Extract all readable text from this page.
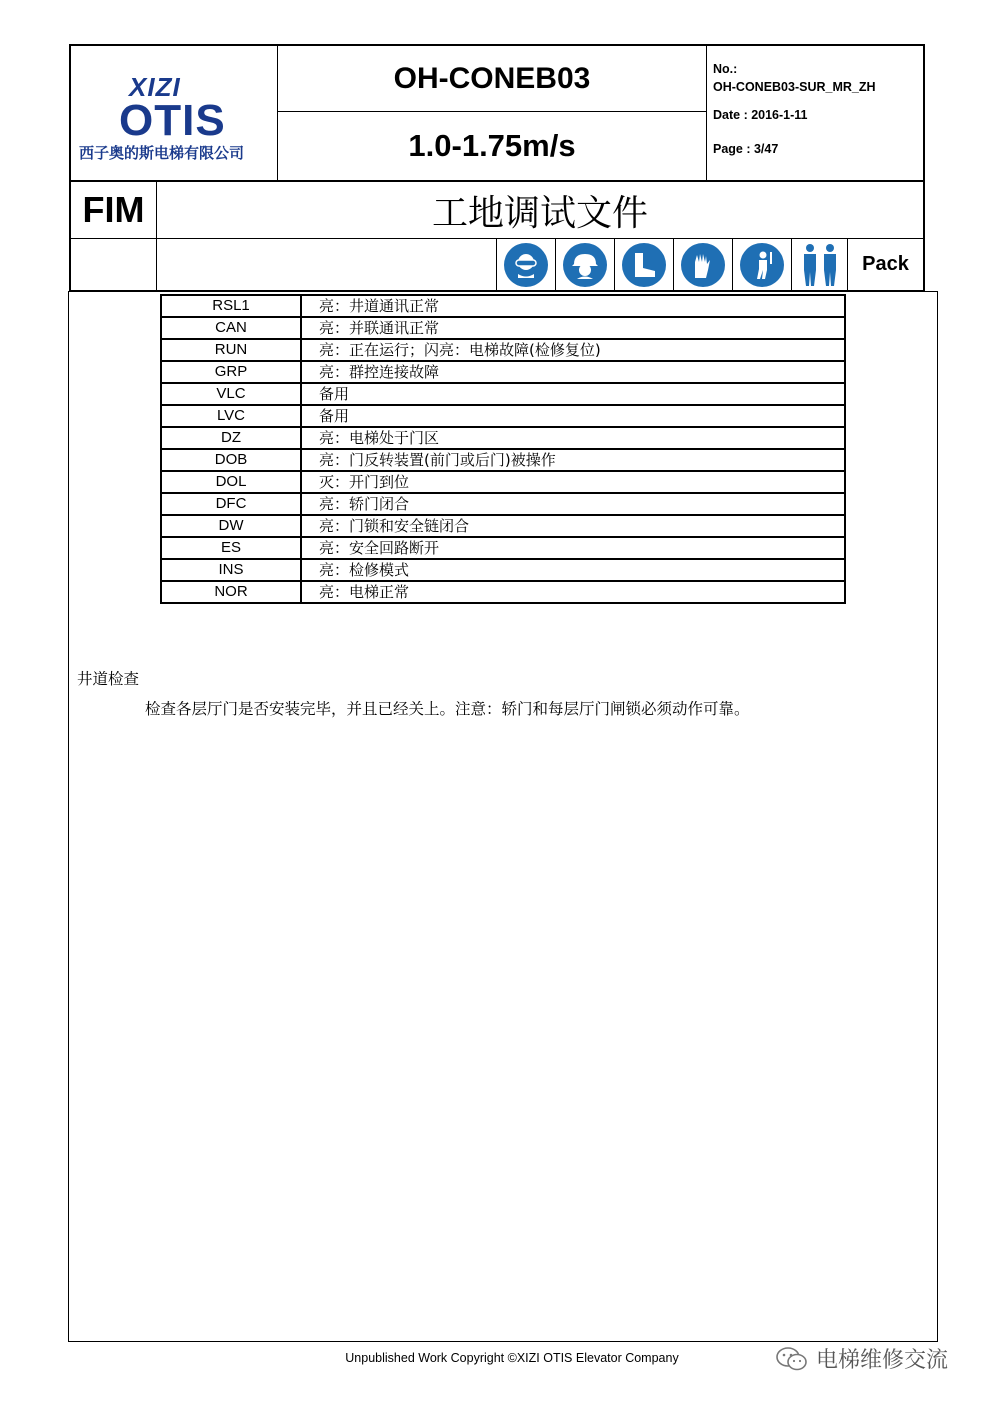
XIZI
OTIS
西子奥的斯电梯有限公司
OH-CONEB03
1.0-1.75m/s
No.:
OH-CONEB03-SUR_MR_ZH
Date : 2016-1-11
Page : 3/47
FIM	工地调试文件
Pack
RSL1	亮：井道通讯正常
CAN	亮：并联通讯正常
RUN	亮：正在运行；闪亮：电梯故障(检修复位)
GRP	亮：群控连接故障
VLC	备用
LVC	备用
DZ	亮：电梯处于门区
DOB	亮：门反转装置(前门或后门)被操作
DOL	灭：开门到位
DFC	亮：轿门闭合
DW	亮：门锁和安全链闭合
ES	亮：安全回路断开
INS	亮：检修模式
NOR	亮：电梯正常
井道检查
检查各层厅门是否安装完毕，并且已经关上。注意：轿门和每层厅门闸锁必须动作可靠。
Unpublished Work Copyright ©XIZI OTIS Elevator Company	电梯维修交流
